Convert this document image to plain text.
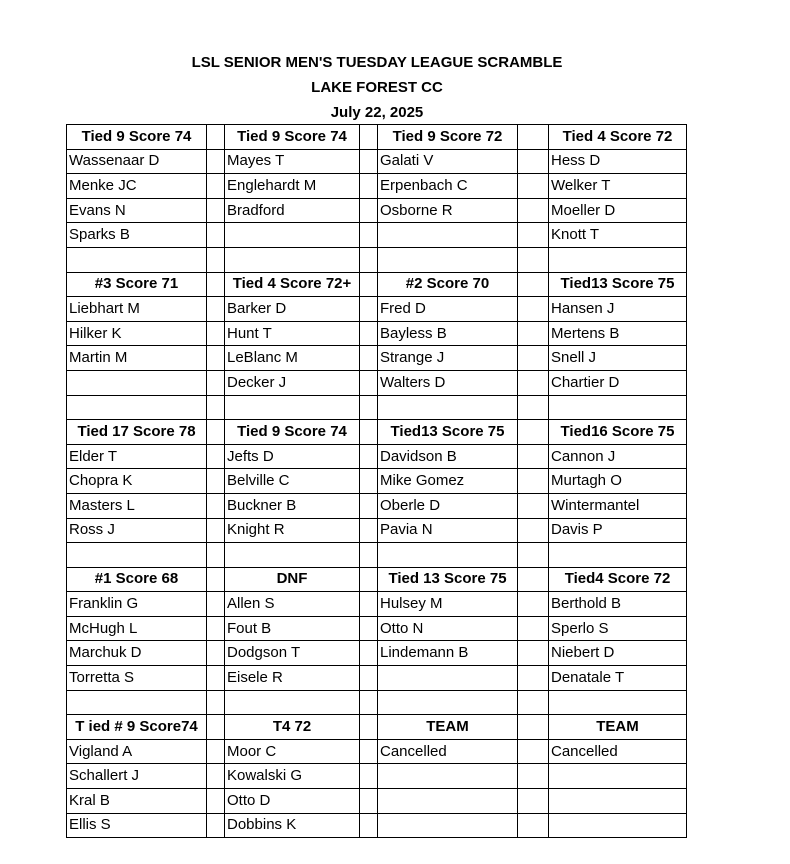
LSL SENIOR MEN'S TUESDAY LEAGUE SCRAMBLE
LAKE FOREST CC
July 22, 2025
Tied 9 Score 74		Tied 9 Score 74		Tied 9 Score 72		Tied 4 Score 72
Wassenaar D		Mayes T		Galati V		Hess D
Menke JC		Englehardt M		Erpenbach C		Welker T
Evans N		Bradford		Osborne R		Moeller D
Sparks B						Knott T

#3 Score 71		Tied 4 Score 72+		#2 Score 70		Tied13 Score 75
Liebhart M		Barker D		Fred D		Hansen J
Hilker K		Hunt T		Bayless B		Mertens B
Martin M		LeBlanc M		Strange J		Snell J
		Decker J		Walters D		Chartier D

Tied 17 Score 78		Tied 9 Score 74		Tied13 Score 75		Tied16 Score 75
Elder T		Jefts D		Davidson B		Cannon J
Chopra K		Belville C		Mike Gomez		Murtagh O
Masters L		Buckner B		Oberle D		Wintermantel
Ross J		Knight R		Pavia N		Davis P

#1 Score 68		DNF		Tied 13 Score 75		Tied4 Score 72
Franklin G		Allen S		Hulsey M		Berthold B
McHugh L		Fout B		Otto N		Sperlo S
Marchuk D		Dodgson T		Lindemann B		Niebert D
Torretta S		Eisele R				Denatale T

T ied # 9 Score74		T4 72		TEAM		TEAM
Vigland A		Moor C		Cancelled		Cancelled
Schallert J		Kowalski G				
Kral B		Otto D				
Ellis S		Dobbins K				
